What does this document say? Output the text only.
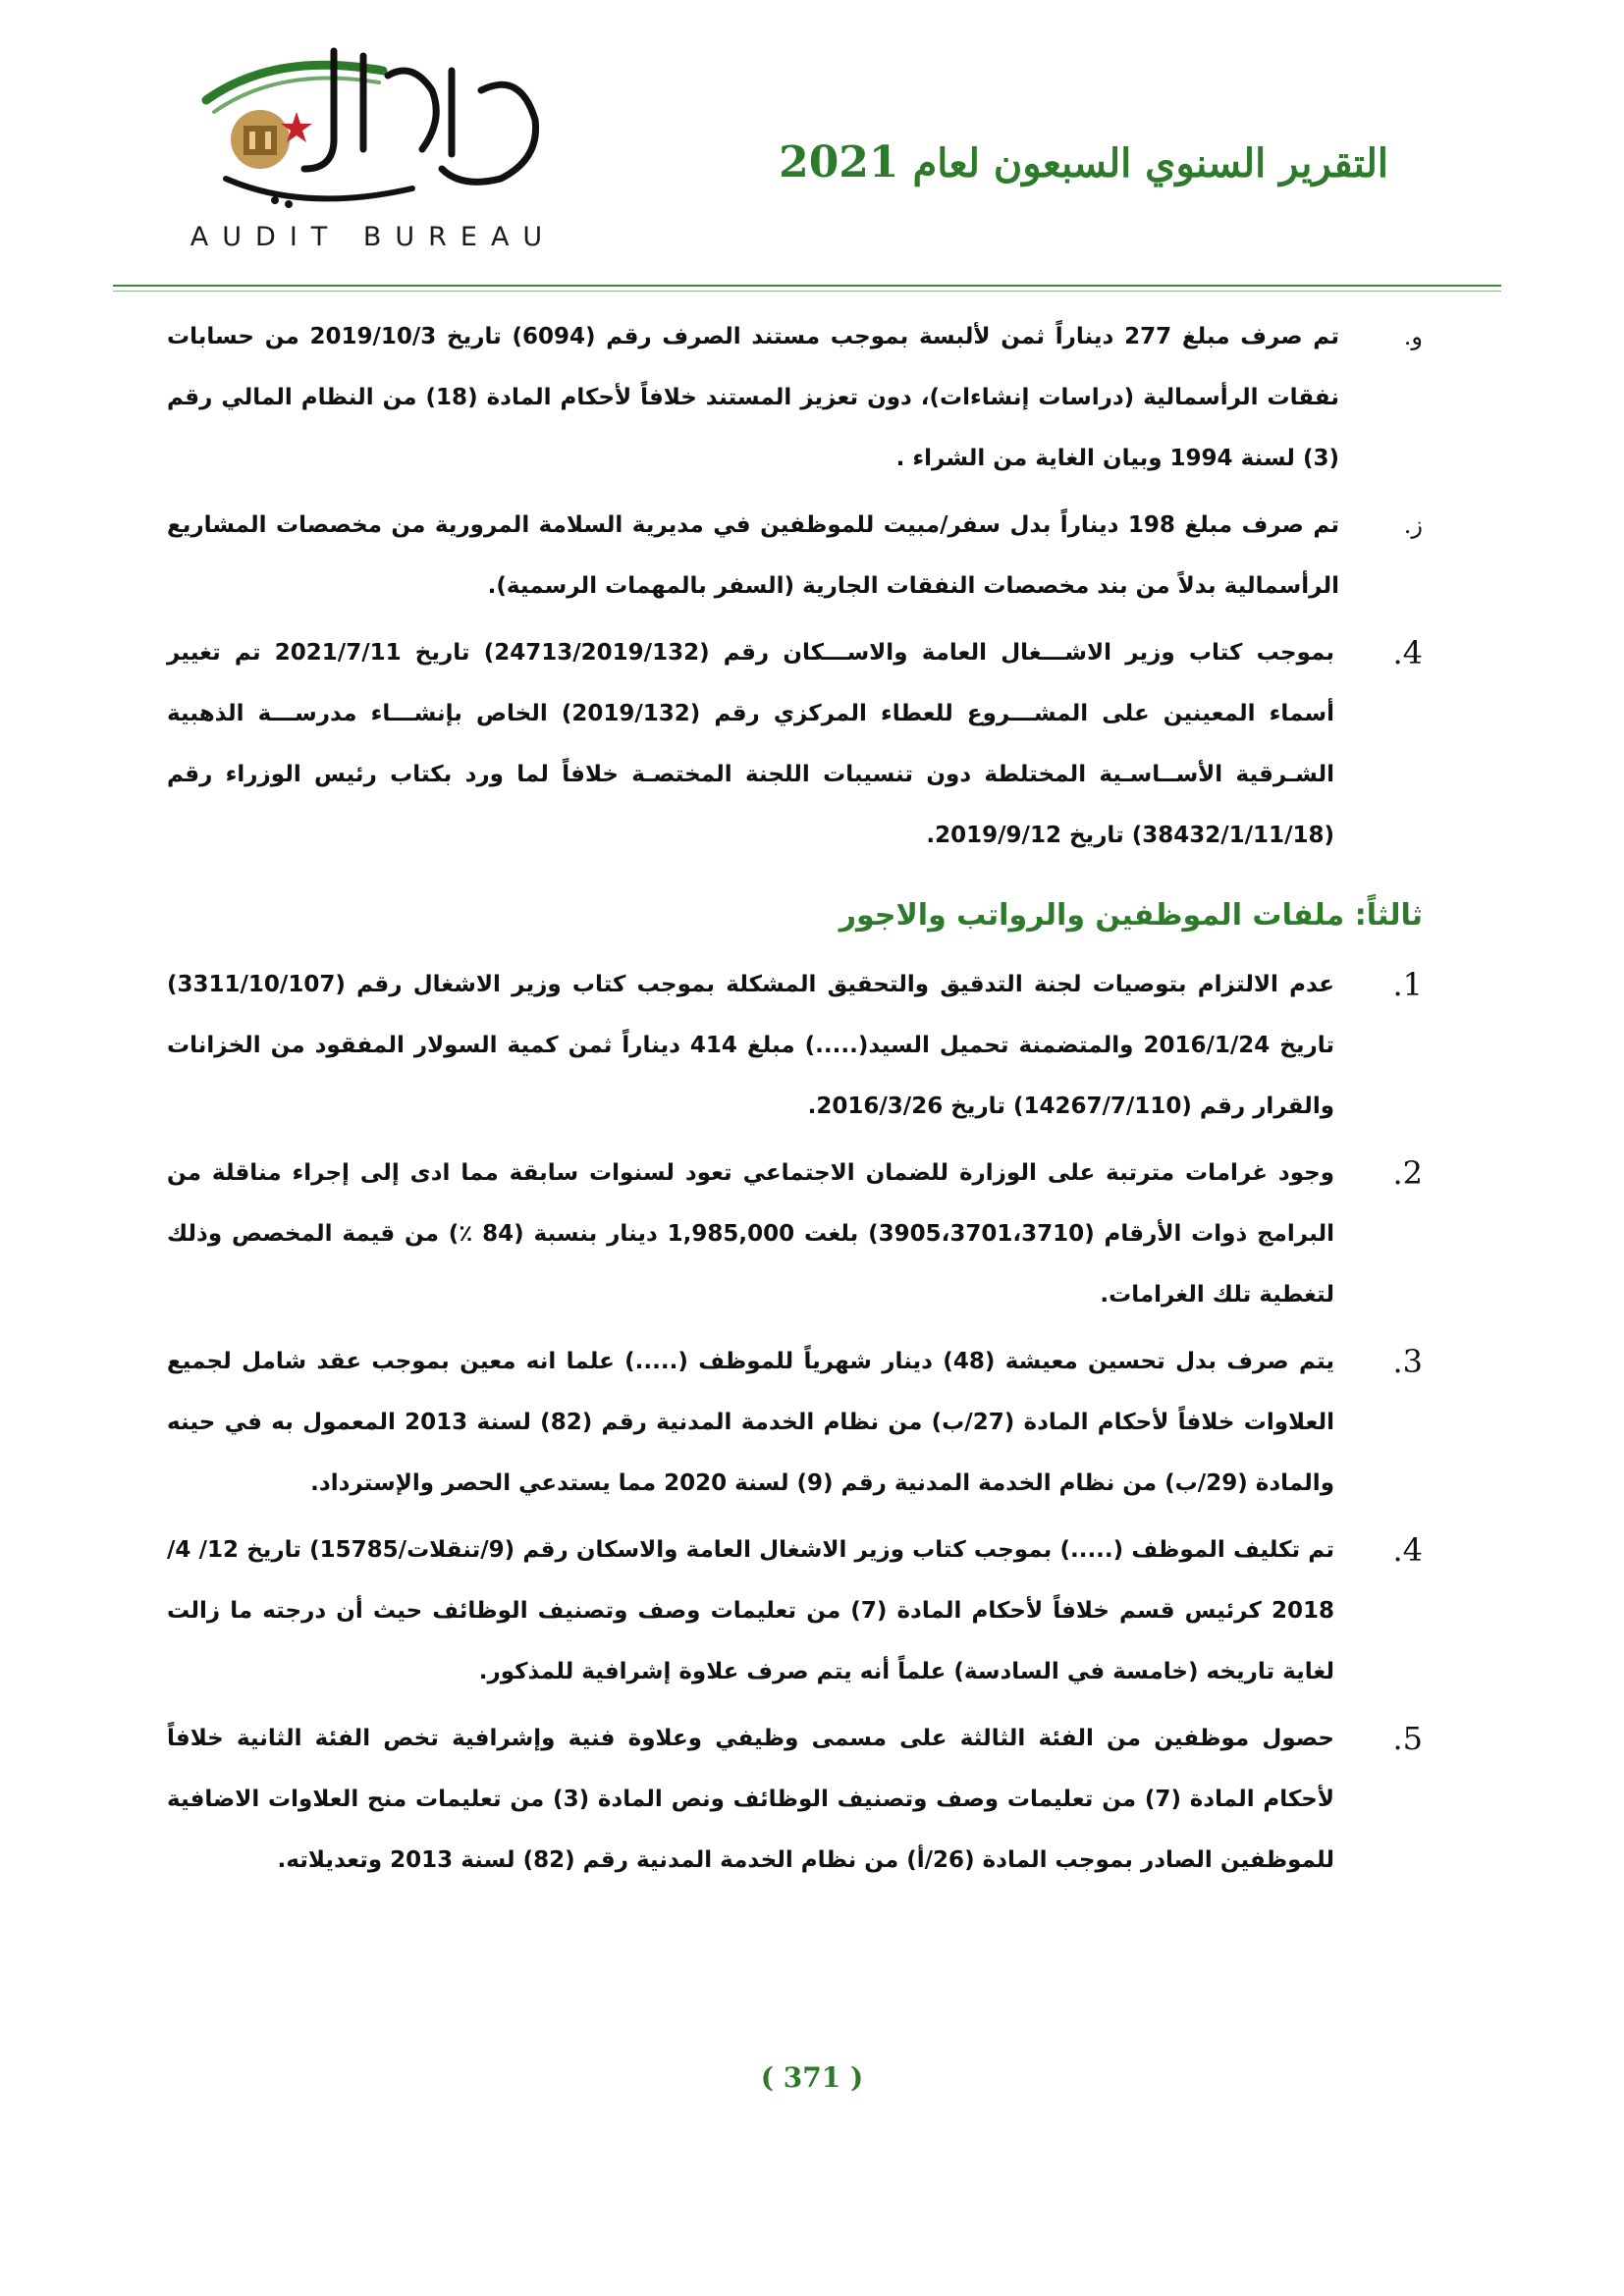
AUDIT BUREAU
التقرير السنوي السبعون لعام 2021
و.
تم صرف مبلغ 277 ديناراً ثمن لألبسة بموجب مستند الصرف رقم (6094) تاريخ 2019/10/3 من حسابات نفقات الرأسمالية (دراسات إنشاءات)، دون تعزيز المستند خلافاً لأحكام المادة (18) من النظام المالي رقم (3) لسنة 1994 وبيان الغاية من الشراء .
ز.
تم صرف مبلغ 198 ديناراً بدل سفر/مبيت للموظفين في مديرية السلامة المرورية من مخصصات المشاريع الرأسمالية بدلاً من بند مخصصات النفقات الجارية (السفر بالمهمات الرسمية).
4.
بموجب كتاب وزير الاشـــغال العامة والاســـكان رقم (24713/2019/132) تاريخ 2021/7/11 تم تغيير أسماء المعينين على المشـــروع للعطاء المركزي رقم (2019/132) الخاص بإنشـــاء مدرســـة الذهبية الشـرقية الأســاسـية المختلطة دون تنسيبات اللجنة المختصـة خلافاً لما ورد بكتاب رئيس الوزراء رقم (38432/1/11/18) تاريخ 2019/9/12.
ثالثاً: ملفات الموظفين والرواتب والاجور
1.
عدم الالتزام بتوصيات لجنة التدقيق والتحقيق المشكلة بموجب كتاب وزير الاشغال رقم (3311/10/107) تاريخ 2016/1/24 والمتضمنة تحميل السيد(.....) مبلغ 414 ديناراً ثمن كمية السولار المفقود من الخزانات والقرار رقم (14267/7/110) تاريخ 2016/3/26.
2.
وجود غرامات مترتبة على الوزارة للضمان الاجتماعي تعود لسنوات سابقة مما ادى إلى إجراء مناقلة من البرامج ذوات الأرقام (3905،3701،3710) بلغت 1,985,000 دينار بنسبة (84 ٪) من قيمة المخصص وذلك لتغطية تلك الغرامات.
3.
يتم صرف بدل تحسين معيشة (48) دينار شهرياً للموظف (.....) علما انه معين بموجب عقد شامل لجميع العلاوات خلافاً لأحكام المادة (27/ب) من نظام الخدمة المدنية رقم (82) لسنة 2013 المعمول به في حينه والمادة (29/ب) من نظام الخدمة المدنية رقم (9) لسنة 2020 مما يستدعي الحصر والإسترداد.
4.
تم تكليف الموظف (.....) بموجب كتاب وزير الاشغال العامة والاسكان رقم (9/تنقلات/15785) تاريخ 12/ 4/ 2018 كرئيس قسم خلافاً لأحكام المادة (7) من تعليمات وصف وتصنيف الوظائف حيث أن درجته ما زالت لغاية تاريخه (خامسة في السادسة) علماً أنه يتم صرف علاوة إشرافية للمذكور.
5.
حصول موظفين من الفئة الثالثة على مسمى وظيفي وعلاوة فنية وإشرافية تخص الفئة الثانية خلافاً لأحكام المادة (7) من تعليمات وصف وتصنيف الوظائف ونص المادة (3) من تعليمات منح العلاوات الاضافية للموظفين الصادر بموجب المادة (26/أ) من نظام الخدمة المدنية رقم (82) لسنة 2013 وتعديلاته.
( 371 )
